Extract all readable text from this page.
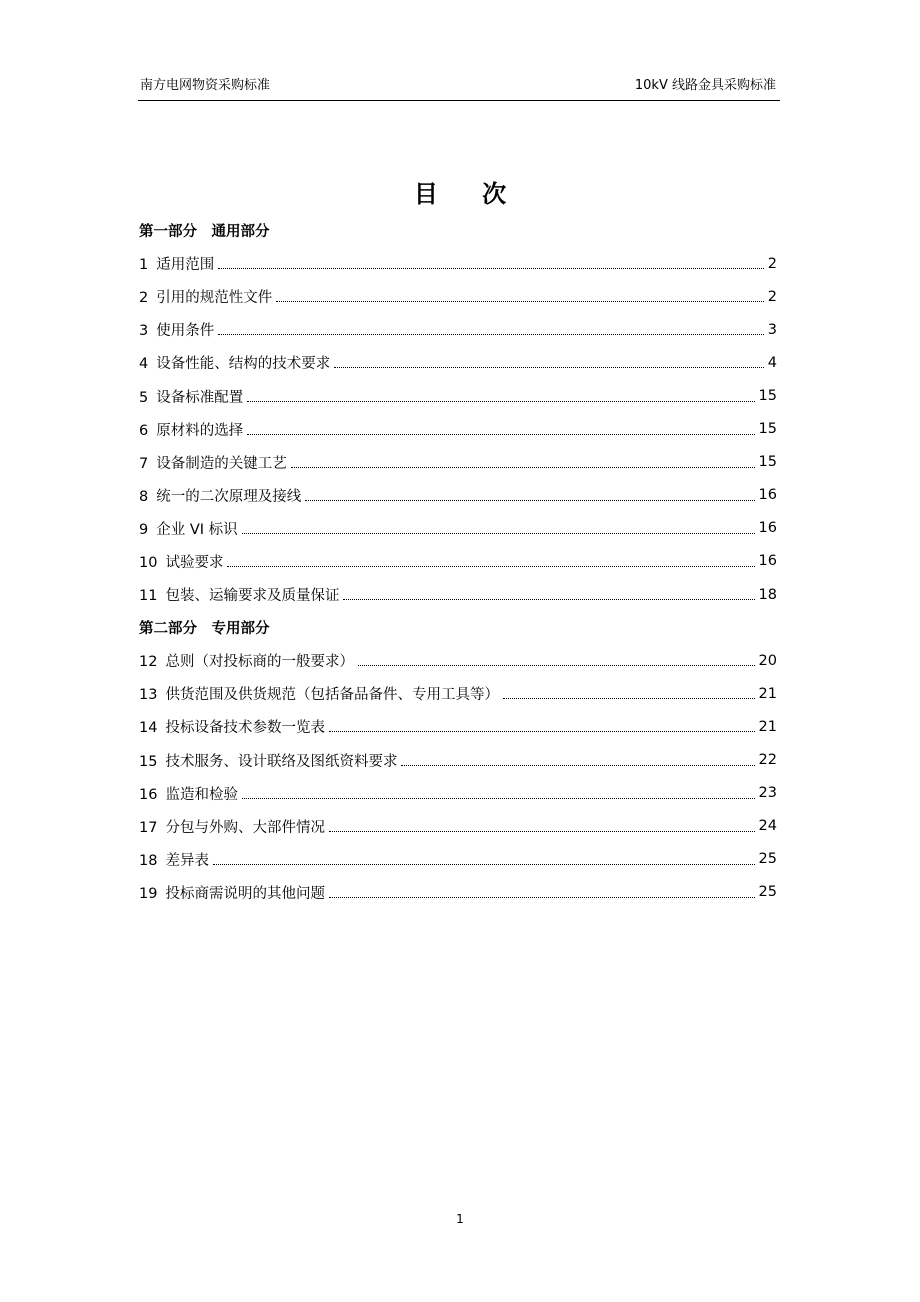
南方电网物资采购标准	10kV 线路金具采购标准
目 次
第一部分　通用部分
1 适用范围	2
2 引用的规范性文件	2
3 使用条件	3
4 设备性能、结构的技术要求	4
5 设备标准配置	15
6 原材料的选择	15
7 设备制造的关键工艺	15
8 统一的二次原理及接线	16
9 企业 VI 标识	16
10 试验要求	16
11 包装、运输要求及质量保证	18
第二部分　专用部分
12 总则（对投标商的一般要求）	20
13 供货范围及供货规范（包括备品备件、专用工具等）	21
14 投标设备技术参数一览表	21
15 技术服务、设计联络及图纸资料要求	22
16 监造和检验	23
17 分包与外购、大部件情况	24
18 差异表	25
19 投标商需说明的其他问题	25
1
